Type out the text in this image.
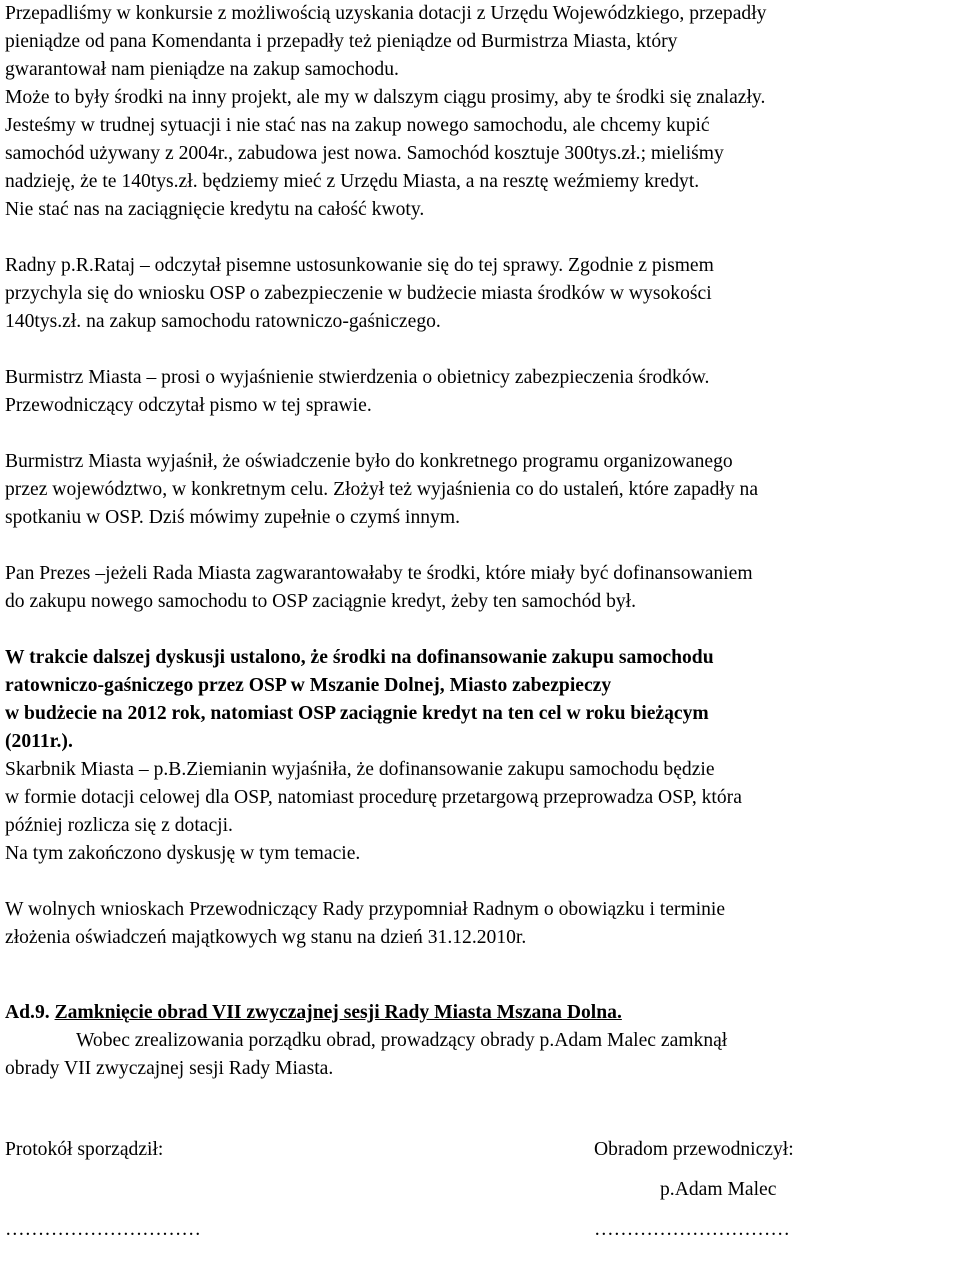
Przepadliśmy w konkursie z możliwością uzyskania dotacji z Urzędu Wojewódzkiego, przepadły

pieniądze od pana Komendanta i przepadły też pieniądze od Burmistrza Miasta, który

gwarantował nam pieniądze na zakup samochodu.

Może to były środki na inny projekt, ale my w dalszym ciągu prosimy, aby te środki się znalazły.

Jesteśmy w trudnej sytuacji i nie stać nas na zakup nowego samochodu, ale chcemy kupić

samochód używany z 2004r., zabudowa jest nowa. Samochód kosztuje 300tys.zł.; mieliśmy

nadzieję, że te 140tys.zł. będziemy mieć z Urzędu Miasta, a na resztę weźmiemy kredyt.

Nie stać nas na zaciągnięcie kredytu na całość kwoty.

Radny p.R.Rataj – odczytał pisemne ustosunkowanie się do tej sprawy. Zgodnie z pismem

przychyla się do wniosku OSP o zabezpieczenie w budżecie miasta środków w wysokości

140tys.zł. na zakup samochodu ratowniczo-gaśniczego.

Burmistrz Miasta – prosi o wyjaśnienie stwierdzenia o obietnicy zabezpieczenia środków.

Przewodniczący odczytał pismo w tej sprawie.

Burmistrz Miasta wyjaśnił, że oświadczenie było do konkretnego programu organizowanego

przez województwo, w konkretnym celu. Złożył też wyjaśnienia co do ustaleń, które zapadły na

spotkaniu w OSP. Dziś mówimy zupełnie o czymś innym.

Pan Prezes –jeżeli Rada Miasta zagwarantowałaby te środki, które miały być dofinansowaniem

do zakupu nowego samochodu to OSP zaciągnie kredyt, żeby ten samochód był.

W trakcie dalszej dyskusji ustalono, że środki na dofinansowanie zakupu samochodu

ratowniczo-gaśniczego przez OSP w Mszanie Dolnej, Miasto zabezpieczy

w budżecie na 2012 rok, natomiast OSP zaciągnie kredyt na ten cel w roku bieżącym

(2011r.).

Skarbnik Miasta – p.B.Ziemianin wyjaśniła, że dofinansowanie zakupu samochodu będzie

w formie dotacji celowej dla OSP, natomiast procedurę przetargową przeprowadza OSP, która

później rozlicza się z dotacji.

Na tym zakończono dyskusję w tym temacie.

W wolnych wnioskach Przewodniczący Rady przypomniał Radnym o obowiązku i terminie

złożenia oświadczeń majątkowych wg stanu na dzień 31.12.2010r.

Ad.9. Zamknięcie obrad VII zwyczajnej sesji Rady Miasta Mszana Dolna.

Wobec zrealizowania porządku obrad, prowadzący obrady p.Adam Malec zamknął

obrady VII zwyczajnej sesji Rady Miasta.

Protokół sporządził:	Obradom przewodniczył:

p.Adam Malec

…………………………	…………………………
